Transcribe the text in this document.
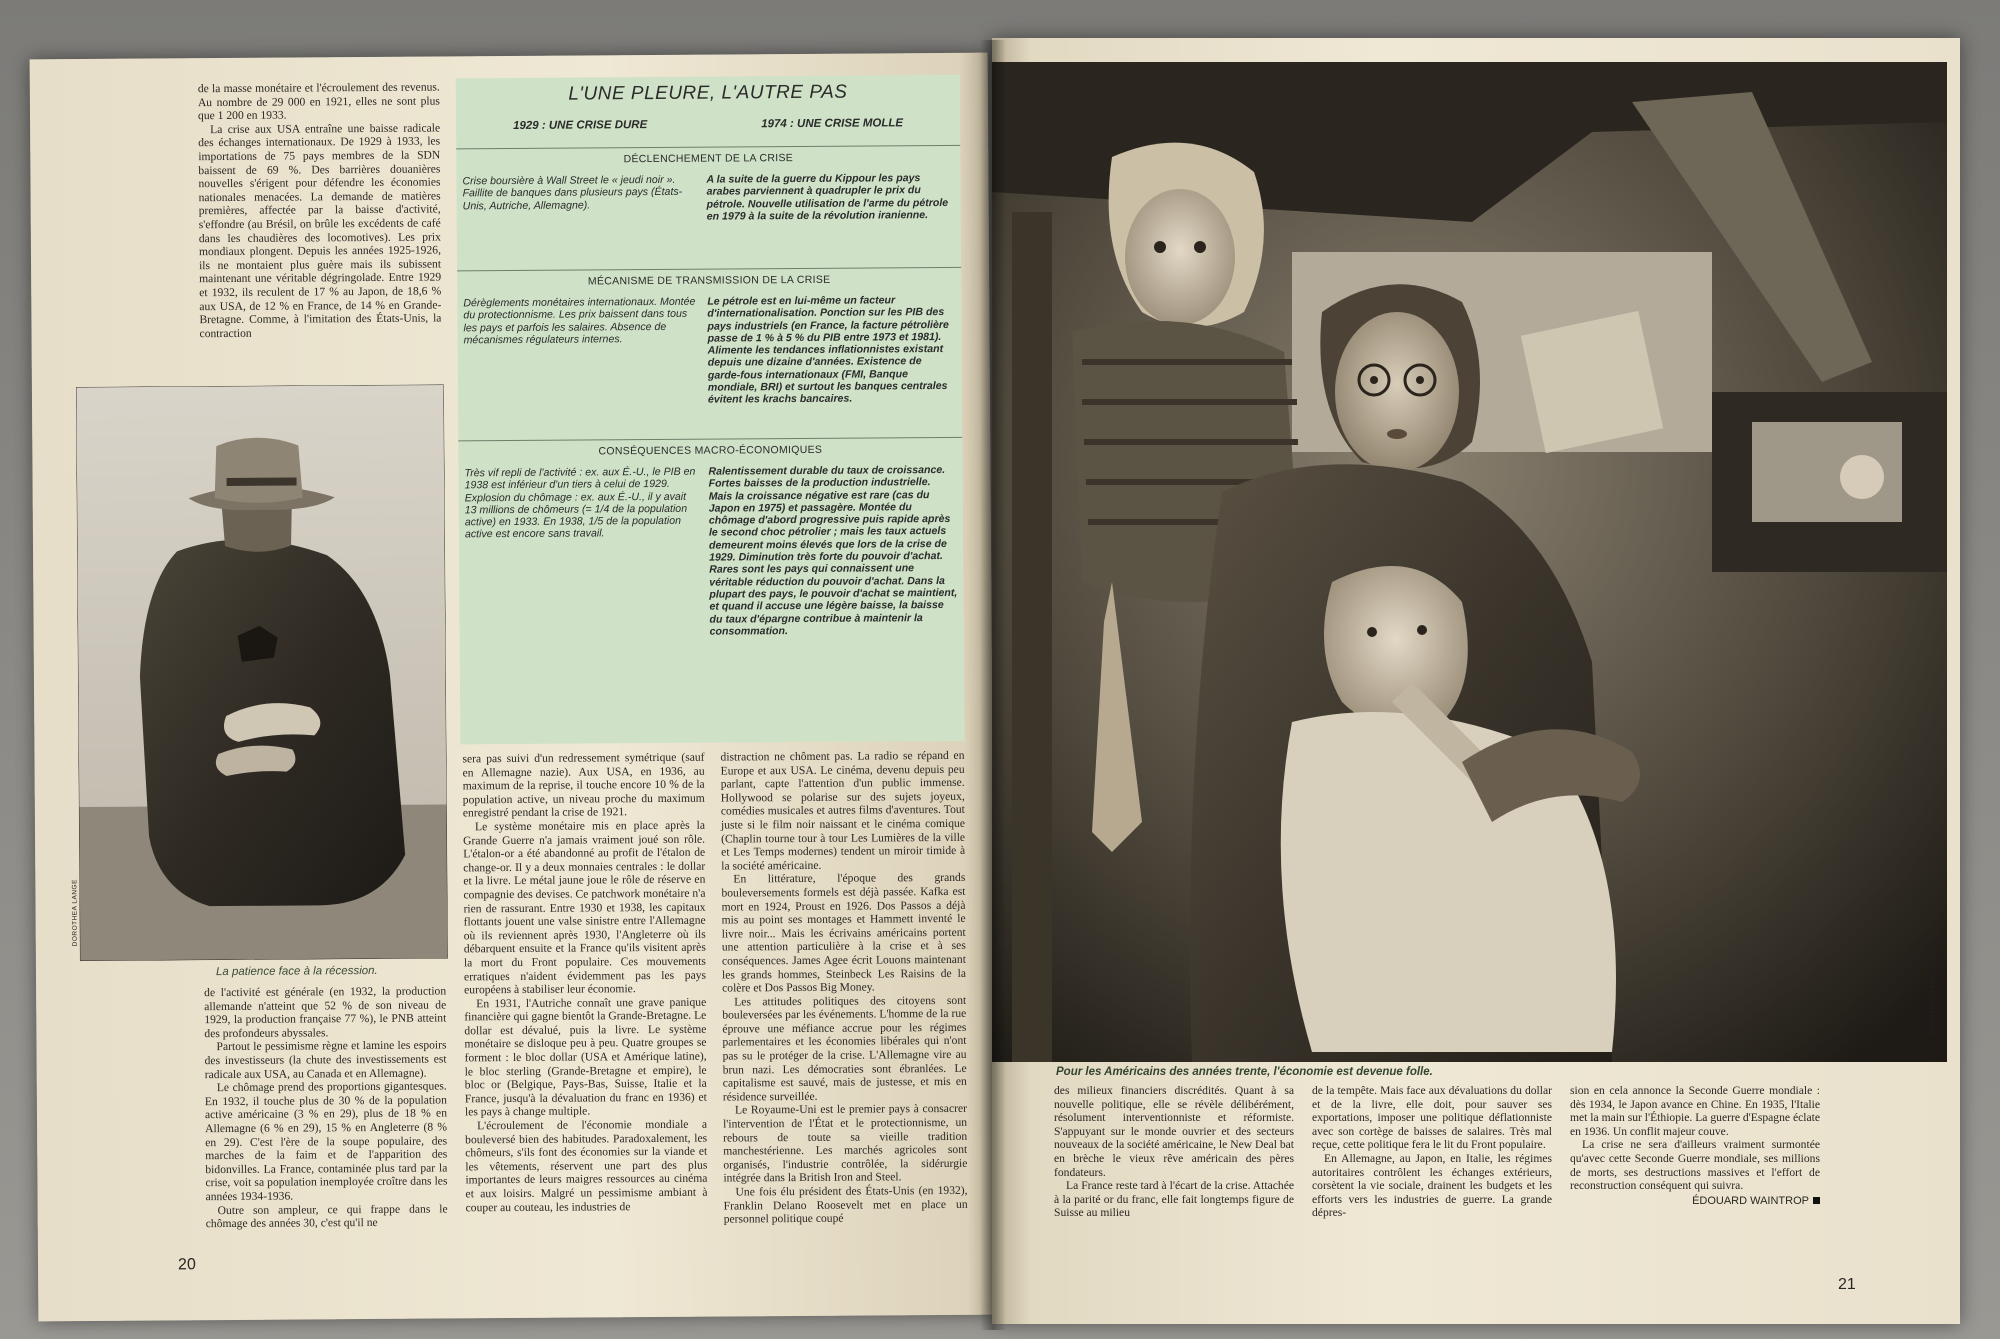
de la masse monétaire et l'écroulement des revenus. Au nombre de 29 000 en 1921, elles ne sont plus que 1 200 en 1933.

La crise aux USA entraîne une baisse radicale des échanges internationaux. De 1929 à 1933, les importations de 75 pays membres de la SDN baissent de 69 %. Des barrières douanières nouvelles s'érigent pour défendre les économies nationales menacées. La demande de matières premières, affectée par la baisse d'activité, s'effondre (au Brésil, on brûle les excédents de café dans les chaudières des locomotives). Les prix mondiaux plongent. Depuis les années 1925-1926, ils ne montaient plus guère mais ils subissent maintenant une véritable dégringolade. Entre 1929 et 1932, ils reculent de 17 % au Japon, de 18,6 % aux USA, de 12 % en France, de 14 % en Grande-Bretagne. Comme, à l'imitation des États-Unis, la contraction

L'UNE PLEURE, L'AUTRE PAS
1929 : UNE CRISE DURE	1974 : UNE CRISE MOLLE
DÉCLENCHEMENT DE LA CRISE
Crise boursière à Wall Street le « jeudi noir ». Faillite de banques dans plusieurs pays (États-Unis, Autriche, Allemagne).
A la suite de la guerre du Kippour les pays arabes parviennent à quadrupler le prix du pétrole. Nouvelle utilisation de l'arme du pétrole en 1979 à la suite de la révolution iranienne.
MÉCANISME DE TRANSMISSION DE LA CRISE
Dérèglements monétaires internationaux. Montée du protectionnisme. Les prix baissent dans tous les pays et parfois les salaires. Absence de mécanismes régulateurs internes.
Le pétrole est en lui-même un facteur d'internationalisation. Ponction sur les PIB des pays industriels (en France, la facture pétrolière passe de 1 % à 5 % du PIB entre 1973 et 1981). Alimente les tendances inflationnistes existant depuis une dizaine d'années. Existence de garde-fous internationaux (FMI, Banque mondiale, BRI) et surtout les banques centrales évitent les krachs bancaires.
CONSÉQUENCES MACRO-ÉCONOMIQUES
Très vif repli de l'activité : ex. aux É.-U., le PIB en 1938 est inférieur d'un tiers à celui de 1929. Explosion du chômage : ex. aux É.-U., il y avait 13 millions de chômeurs (= 1/4 de la population active) en 1933. En 1938, 1/5 de la population active est encore sans travail.
Ralentissement durable du taux de croissance. Fortes baisses de la production industrielle. Mais la croissance négative est rare (cas du Japon en 1975) et passagère. Montée du chômage d'abord progressive puis rapide après le second choc pétrolier ; mais les taux actuels demeurent moins élevés que lors de la crise de 1929. Diminution très forte du pouvoir d'achat. Rares sont les pays qui connaissent une véritable réduction du pouvoir d'achat. Dans la plupart des pays, le pouvoir d'achat se maintient, et quand il accuse une légère baisse, la baisse du taux d'épargne contribue à maintenir la consommation.
DOROTHEA LANGE
La patience face à la récession.

de l'activité est générale (en 1932, la production allemande n'atteint que 52 % de son niveau de 1929, la production française 77 %), le PNB atteint des profondeurs abyssales.

Partout le pessimisme règne et lamine les espoirs des investisseurs (la chute des investissements est radicale aux USA, au Canada et en Allemagne).

Le chômage prend des proportions gigantesques. En 1932, il touche plus de 30 % de la population active américaine (3 % en 29), plus de 18 % en Allemagne (6 % en 29), 15 % en Angleterre (8 % en 29). C'est l'ère de la soupe populaire, des marches de la faim et de l'apparition des bidonvilles. La France, contaminée plus tard par la crise, voit sa population inemployée croître dans les années 1934-1936.

Outre son ampleur, ce qui frappe dans le chômage des années 30, c'est qu'il ne

sera pas suivi d'un redressement symétrique (sauf en Allemagne nazie). Aux USA, en 1936, au maximum de la reprise, il touche encore 10 % de la population active, un niveau proche du maximum enregistré pendant la crise de 1921.

Le système monétaire mis en place après la Grande Guerre n'a jamais vraiment joué son rôle. L'étalon-or a été abandonné au profit de l'étalon de change-or. Il y a deux monnaies centrales : le dollar et la livre. Le métal jaune joue le rôle de réserve en compagnie des devises. Ce patchwork monétaire n'a rien de rassurant. Entre 1930 et 1938, les capitaux flottants jouent une valse sinistre entre l'Allemagne où ils reviennent après 1930, l'Angleterre où ils débarquent ensuite et la France qu'ils visitent après la mort du Front populaire. Ces mouvements erratiques n'aident évidemment pas les pays européens à stabiliser leur économie.

En 1931, l'Autriche connaît une grave panique financière qui gagne bientôt la Grande-Bretagne. Le dollar est dévalué, puis la livre. Le système monétaire se disloque peu à peu. Quatre groupes se forment : le bloc dollar (USA et Amérique latine), le bloc sterling (Grande-Bretagne et empire), le bloc or (Belgique, Pays-Bas, Suisse, Italie et la France, jusqu'à la dévaluation du franc en 1936) et les pays à change multiple.

L'écroulement de l'économie mondiale a bouleversé bien des habitudes. Paradoxalement, les chômeurs, s'ils font des économies sur la viande et les vêtements, réservent une part des plus importantes de leurs maigres ressources au cinéma et aux loisirs. Malgré un pessimisme ambiant à couper au couteau, les industries de

distraction ne chôment pas. La radio se répand en Europe et aux USA. Le cinéma, devenu depuis peu parlant, capte l'attention d'un public immense. Hollywood se polarise sur des sujets joyeux, comédies musicales et autres films d'aventures. Tout juste si le film noir naissant et le cinéma comique (Chaplin tourne tour à tour Les Lumières de la ville et Les Temps modernes) tendent un miroir timide à la société américaine.

En littérature, l'époque des grands bouleversements formels est déjà passée. Kafka est mort en 1924, Proust en 1926. Dos Passos a déjà mis au point ses montages et Hammett inventé le livre noir... Mais les écrivains américains portent une attention particulière à la crise et à ses conséquences. James Agee écrit Louons maintenant les grands hommes, Steinbeck Les Raisins de la colère et Dos Passos Big Money.

Les attitudes politiques des citoyens sont bouleversées par les événements. L'homme de la rue éprouve une méfiance accrue pour les régimes parlementaires et les économies libérales qui n'ont pas su le protéger de la crise. L'Allemagne vire au brun nazi. Les démocraties sont ébranlées. Le capitalisme est sauvé, mais de justesse, et mis en résidence surveillée.

Le Royaume-Uni est le premier pays à consacrer l'intervention de l'État et le protectionnisme, un rebours de toute sa vieille tradition manchestérienne. Les marchés agricoles sont organisés, l'industrie contrôlée, la sidérurgie intégrée dans la British Iron and Steel.

Une fois élu président des États-Unis (en 1932), Franklin Delano Roosevelt met en place un personnel politique coupé

20
DOROTHEA LANGE
Pour les Américains des années trente, l'économie est devenue folle.

des milieux financiers discrédités. Quant à sa nouvelle politique, elle se révèle délibérément, résolument interventionniste et réformiste. S'appuyant sur le monde ouvrier et des secteurs nouveaux de la société américaine, le New Deal bat en brèche le vieux rêve américain des pères fondateurs.

La France reste tard à l'écart de la crise. Attachée à la parité or du franc, elle fait longtemps figure de Suisse au milieu

de la tempête. Mais face aux dévaluations du dollar et de la livre, elle doit, pour sauver ses exportations, imposer une politique déflationniste avec son cortège de baisses de salaires. Très mal reçue, cette politique fera le lit du Front populaire.

En Allemagne, au Japon, en Italie, les régimes autoritaires contrôlent les échanges extérieurs, corsètent la vie sociale, drainent les budgets et les efforts vers les industries de guerre. La grande dépres-

sion en cela annonce la Seconde Guerre mondiale : dès 1934, le Japon avance en Chine. En 1935, l'Italie met la main sur l'Éthiopie. La guerre d'Espagne éclate en 1936. Un conflit majeur couve.

La crise ne sera d'ailleurs vraiment surmontée qu'avec cette Seconde Guerre mondiale, ses millions de morts, ses destructions massives et l'effort de reconstruction conséquent qui suivra.

ÉDOUARD WAINTROP
21
